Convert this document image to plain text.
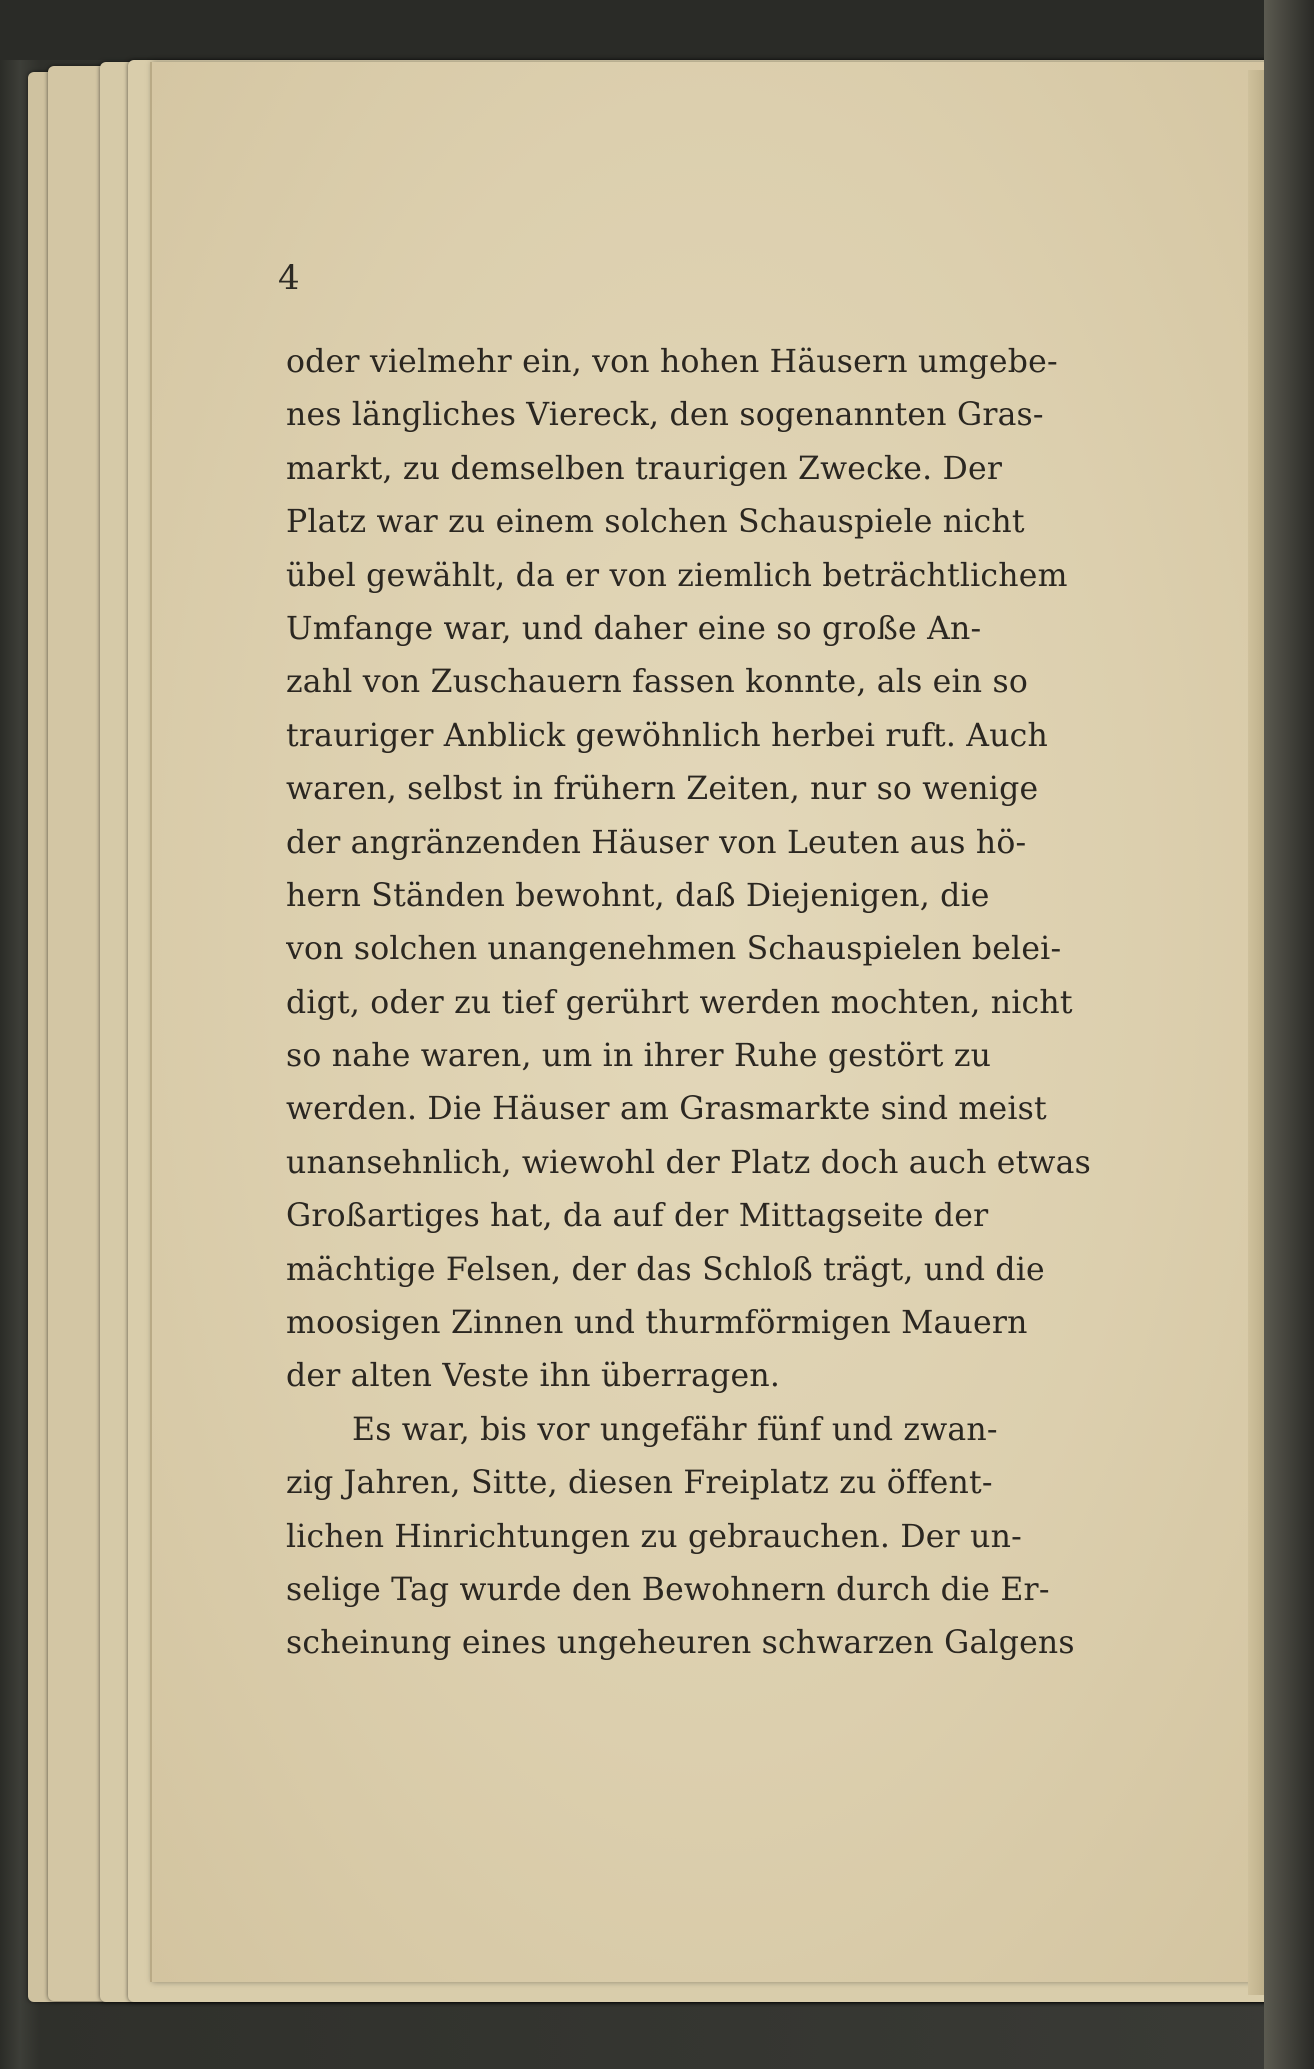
4
oder vielmehr ein, von hohen Häusern umgebe-
nes längliches Viereck, den sogenannten Gras-
markt, zu demselben traurigen Zwecke. Der
Platz war zu einem solchen Schauspiele nicht
übel gewählt, da er von ziemlich beträchtlichem
Umfange war, und daher eine so große An-
zahl von Zuschauern fassen konnte, als ein so
trauriger Anblick gewöhnlich herbei ruft. Auch
waren, selbst in frühern Zeiten, nur so wenige
der angränzenden Häuser von Leuten aus hö-
hern Ständen bewohnt, daß Diejenigen, die
von solchen unangenehmen Schauspielen belei-
digt, oder zu tief gerührt werden mochten, nicht
so nahe waren, um in ihrer Ruhe gestört zu
werden. Die Häuser am Grasmarkte sind meist
unansehnlich, wiewohl der Platz doch auch etwas
Großartiges hat, da auf der Mittagseite der
mächtige Felsen, der das Schloß trägt, und die
moosigen Zinnen und thurmförmigen Mauern
der alten Veste ihn überragen.
Es war, bis vor ungefähr fünf und zwan-
zig Jahren, Sitte, diesen Freiplatz zu öffent-
lichen Hinrichtungen zu gebrauchen. Der un-
selige Tag wurde den Bewohnern durch die Er-
scheinung eines ungeheuren schwarzen Galgens
